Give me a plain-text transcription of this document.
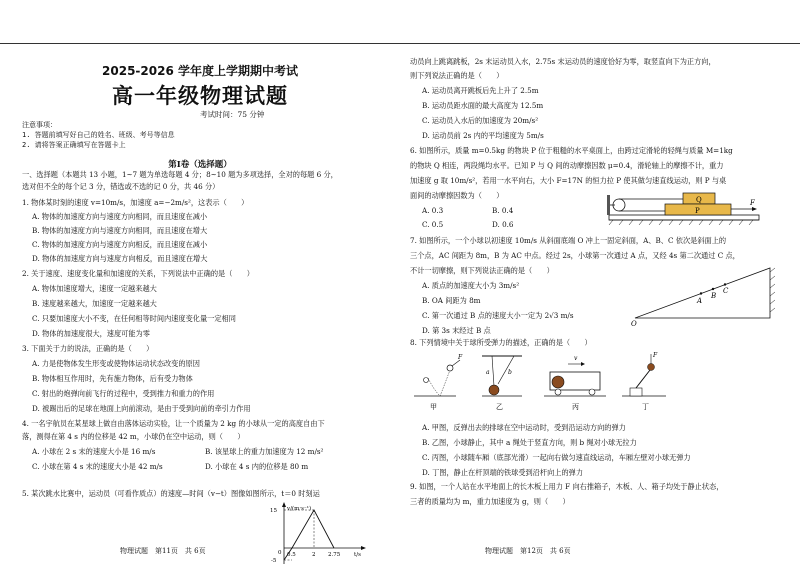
2025-2026 学年度上学期期中考试
高一年级物理试题
考试时间：75 分钟
注意事项：
1. 答题前填写好自己的姓名、班级、考号等信息
2. 请将答案正确填写在答题卡上
第Ⅰ卷（选择题）
一、选择题（本题共 13 小题，1~7 题为单选每题 4 分；8~10 题为多项选择，全对的每题 6 分，
选对但不全的每个记 3 分，错选或不选的记 0 分，共 46 分）
1. 物体某时刻的速度 v=10m/s，加速度 a=−2m/s²，这表示（　　）
A. 物体的加速度方向与速度方向相同，而且速度在减小
B. 物体的加速度方向与速度方向相同，而且速度在增大
C. 物体的加速度方向与速度方向相反，而且速度在减小
D. 物体的加速度方向与速度方向相反，而且速度在增大
2. 关于速度、速度变化量和加速度的关系，下列说法中正确的是（　　）
A. 物体加速度增大，速度一定越来越大
B. 速度越来越大，加速度一定越来越大
C. 只要加速度大小不变，在任何相等时间内速度变化量一定相同
D. 物体的加速度很大，速度可能为零
3. 下面关于力的说法，正确的是（　　）
A. 力是使物体发生形变或使物体运动状态改变的原因
B. 物体相互作用时，先有施力物体，后有受力物体
C. 射出的炮弹向前飞行的过程中，受到推力和重力的作用
D. 被踢出后的足球在地面上向前滚动，是由于受到向前的牵引力作用
4. 一名宇航员在某星球上做自由落体运动实验，让一个质量为 2 kg 的小球从一定的高度自由下
落，测得在第 4 s 内的位移是 42 m，小球仍在空中运动，则（　　）
A. 小球在 2 s 末的速度大小是 16 m/s	B. 该星球上的重力加速度为 12 m/s²
C. 小球在第 4 s 末的速度大小是 42 m/s	D. 小球在 4 s 内的位移是 80 m
5. 某次跳水比赛中，运动员（可看作质点）的速度—时间（v−t）图像如图所示，t＝0 时刻运
v/(m·s⁻¹)
t/s
0
15
-5
0.5	2 2.75
物理试题　第11页　共 6页
动员向上跳离跳板，2s 末运动员入水，2.75s 末运动员的速度恰好为零，取竖直向下为正方向，
则下列说法正确的是（　　）
A. 运动员离开跳板后先上升了 2.5m
B. 运动员距水面的最大高度为 12.5m
C. 运动员入水后的加速度为 20m/s²
D. 运动员前 2s 内的平均速度为 5m/s
6. 如图所示，质量 m=0.5kg 的物块 P 位于粗糙的水平桌面上，由跨过定滑轮的轻绳与质量 M=1kg
的物块 Q 相连，两段绳均水平。已知 P 与 Q 间的动摩擦因数 μ=0.4，滑轮轴上的摩擦不计，重力
加速度 g 取 10m/s²，若用一水平向右，大小 F=17N 的恒力拉 P 使其做匀速直线运动，则 P 与桌
面间的动摩擦因数为（　　）
A. 0.3	B. 0.4
C. 0.5	D. 0.6
Q
P
F
7. 如图所示，一个小球以初速度 10m/s 从斜面底端 O 冲上一固定斜面，A、B、C 依次是斜面上的
三个点，AC 间距为 8m，B 为 AC 中点。经过 2s，小球第一次通过 A 点，又经 4s 第二次通过 C 点，
不计一切摩擦，则下列说法正确的是（　　）
A. 质点的加速度大小为 3m/s²
B. OA 间距为 8m
C. 第一次通过 B 点的速度大小一定为 2√3 m/s
D. 第 3s 末经过 B 点
O
A
B
C
8. 下列情境中关于球所受弹力的描述，正确的是（　　）
F
甲
a	b
乙
v
丙
F
丁
A. 甲图，反弹出去的排球在空中运动时，受到沿运动方向的弹力
B. 乙图，小球静止，其中 a 绳处于竖直方向，则 b 绳对小球无拉力
C. 丙图，小球随车厢（底部光滑）一起向右做匀速直线运动，车厢左壁对小球无弹力
D. 丁图，静止在杆顶端的铁球受到沿杆向上的弹力
9. 如图，一个人站在水平地面上的长木板上用力 F 向右推箱子，木板、人、箱子均处于静止状态，
三者的质量均为 m，重力加速度为 g，则（　　）
物理试题　第12页　共 6页
